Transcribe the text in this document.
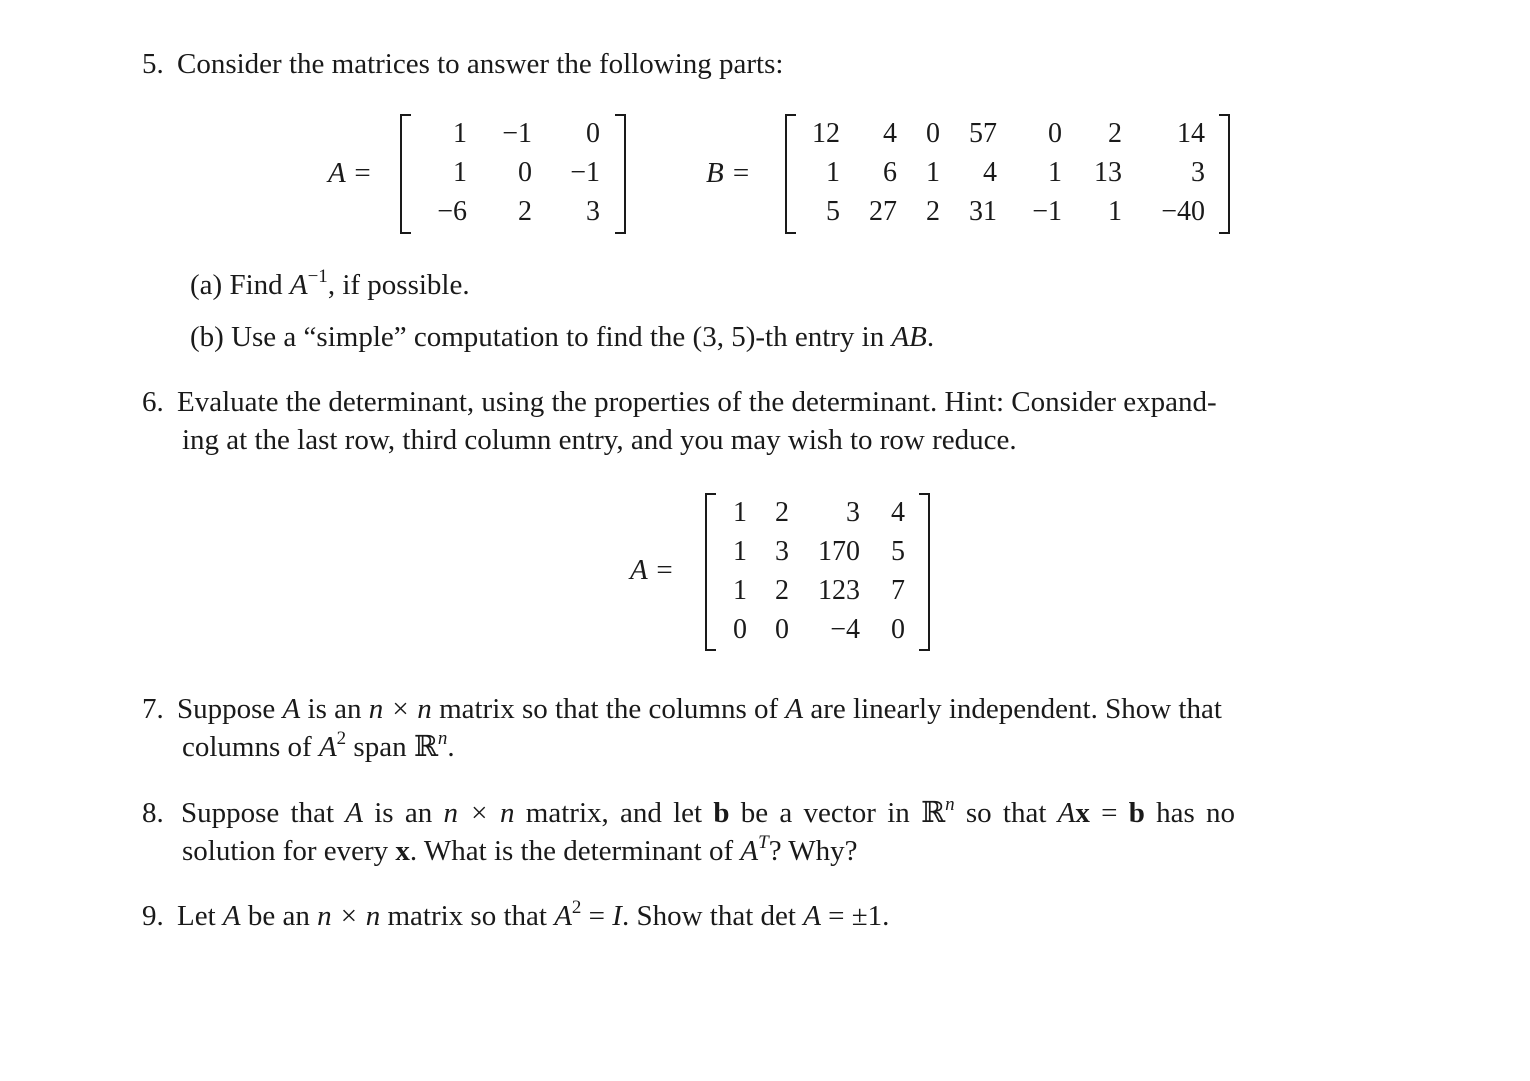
5. Consider the matrices to answer the following parts:
A =
1	−1	0
1	0	−1
−6	2	3
B =
12	4	0	57	0	2	14
1	6	1	4	1	13	3
5	27	2	31	−1	1	−40
(a) Find $A^{-1}$, if possible.
(b) Use a “simple” computation to find the (3, 5)-th entry in AB.
6. Evaluate the determinant, using the properties of the determinant. Hint: Consider expand-
ing at the last row, third column entry, and you may wish to row reduce.
A =
1	2	3	4
1	3	170	5
1	2	123	7
0	0	−4	0
7. Suppose A is an n × n matrix so that the columns of A are linearly independent. Show that
columns of $A^2$ span ℝ$^n$.
8. Suppose that A is an n × n matrix, and let b be a vector in ℝ$^n$ so that Ax = b has no
solution for every x. What is the determinant of $A^T$? Why?
9. Let A be an n × n matrix so that $A^2 = I$. Show that det A = ±1.
